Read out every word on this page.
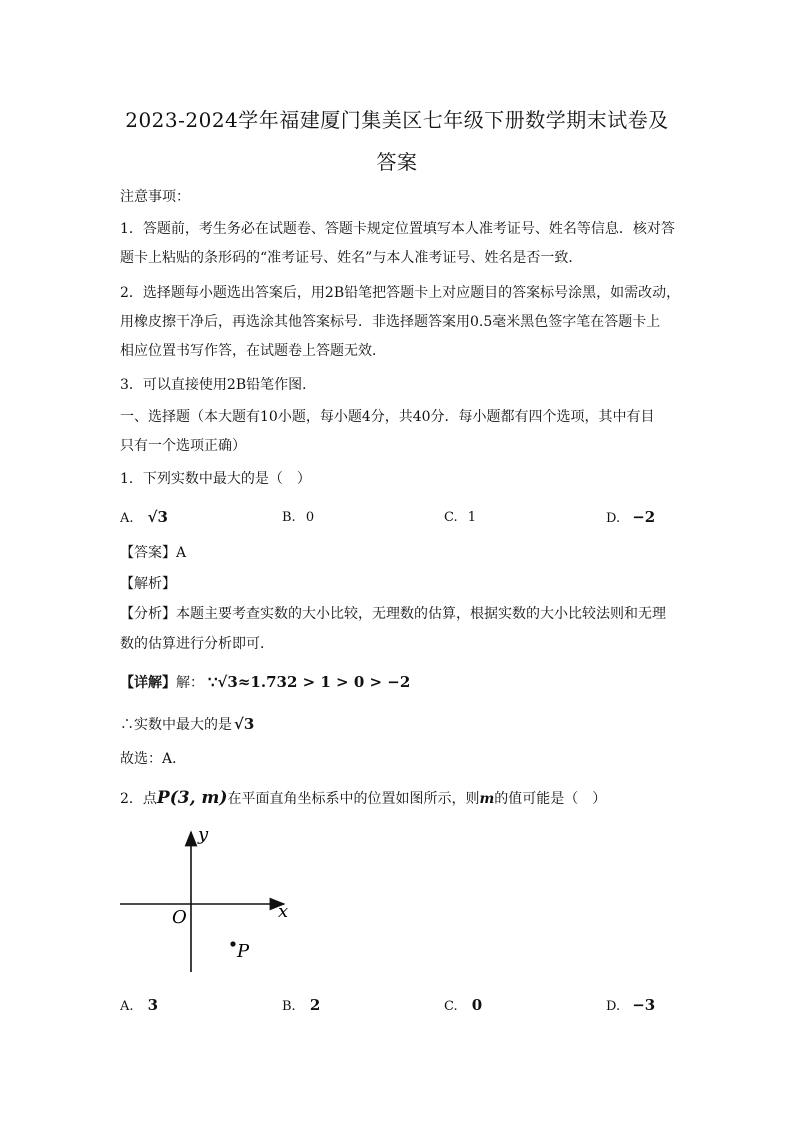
2023-2024学年福建厦门集美区七年级下册数学期末试卷及
答案
注意事项：
1．答题前，考生务必在试题卷、答题卡规定位置填写本人准考证号、姓名等信息．核对答
题卡上粘贴的条形码的“准考证号、姓名”与本人准考证号、姓名是否一致．
2．选择题每小题选出答案后，用2B铅笔把答题卡上对应题目的答案标号涂黑，如需改动，
用橡皮擦干净后，再选涂其他答案标号．非选择题答案用0.5毫米黑色签字笔在答题卡上
相应位置书写作答，在试题卷上答题无效．
3．可以直接使用2B铅笔作图．
一、选择题（本大题有10小题，每小题4分，共40分．每小题都有四个选项，其中有目
只有一个选项正确）
1．下列实数中最大的是（　）
A. √3	B. 0	C. 1	D. −2
【答案】A
【解析】
【分析】本题主要考查实数的大小比较，无理数的估算，根据实数的大小比较法则和无理
数的估算进行分析即可．
【详解】解： ∵√3≈1.732 > 1 > 0 > −2
∴实数中最大的是 √3
故选：A．
2．点P(3, m)在平面直角坐标系中的位置如图所示，则m的值可能是（　）
x
y
O
P
A. 3	B. 2	C. 0	D. −3
